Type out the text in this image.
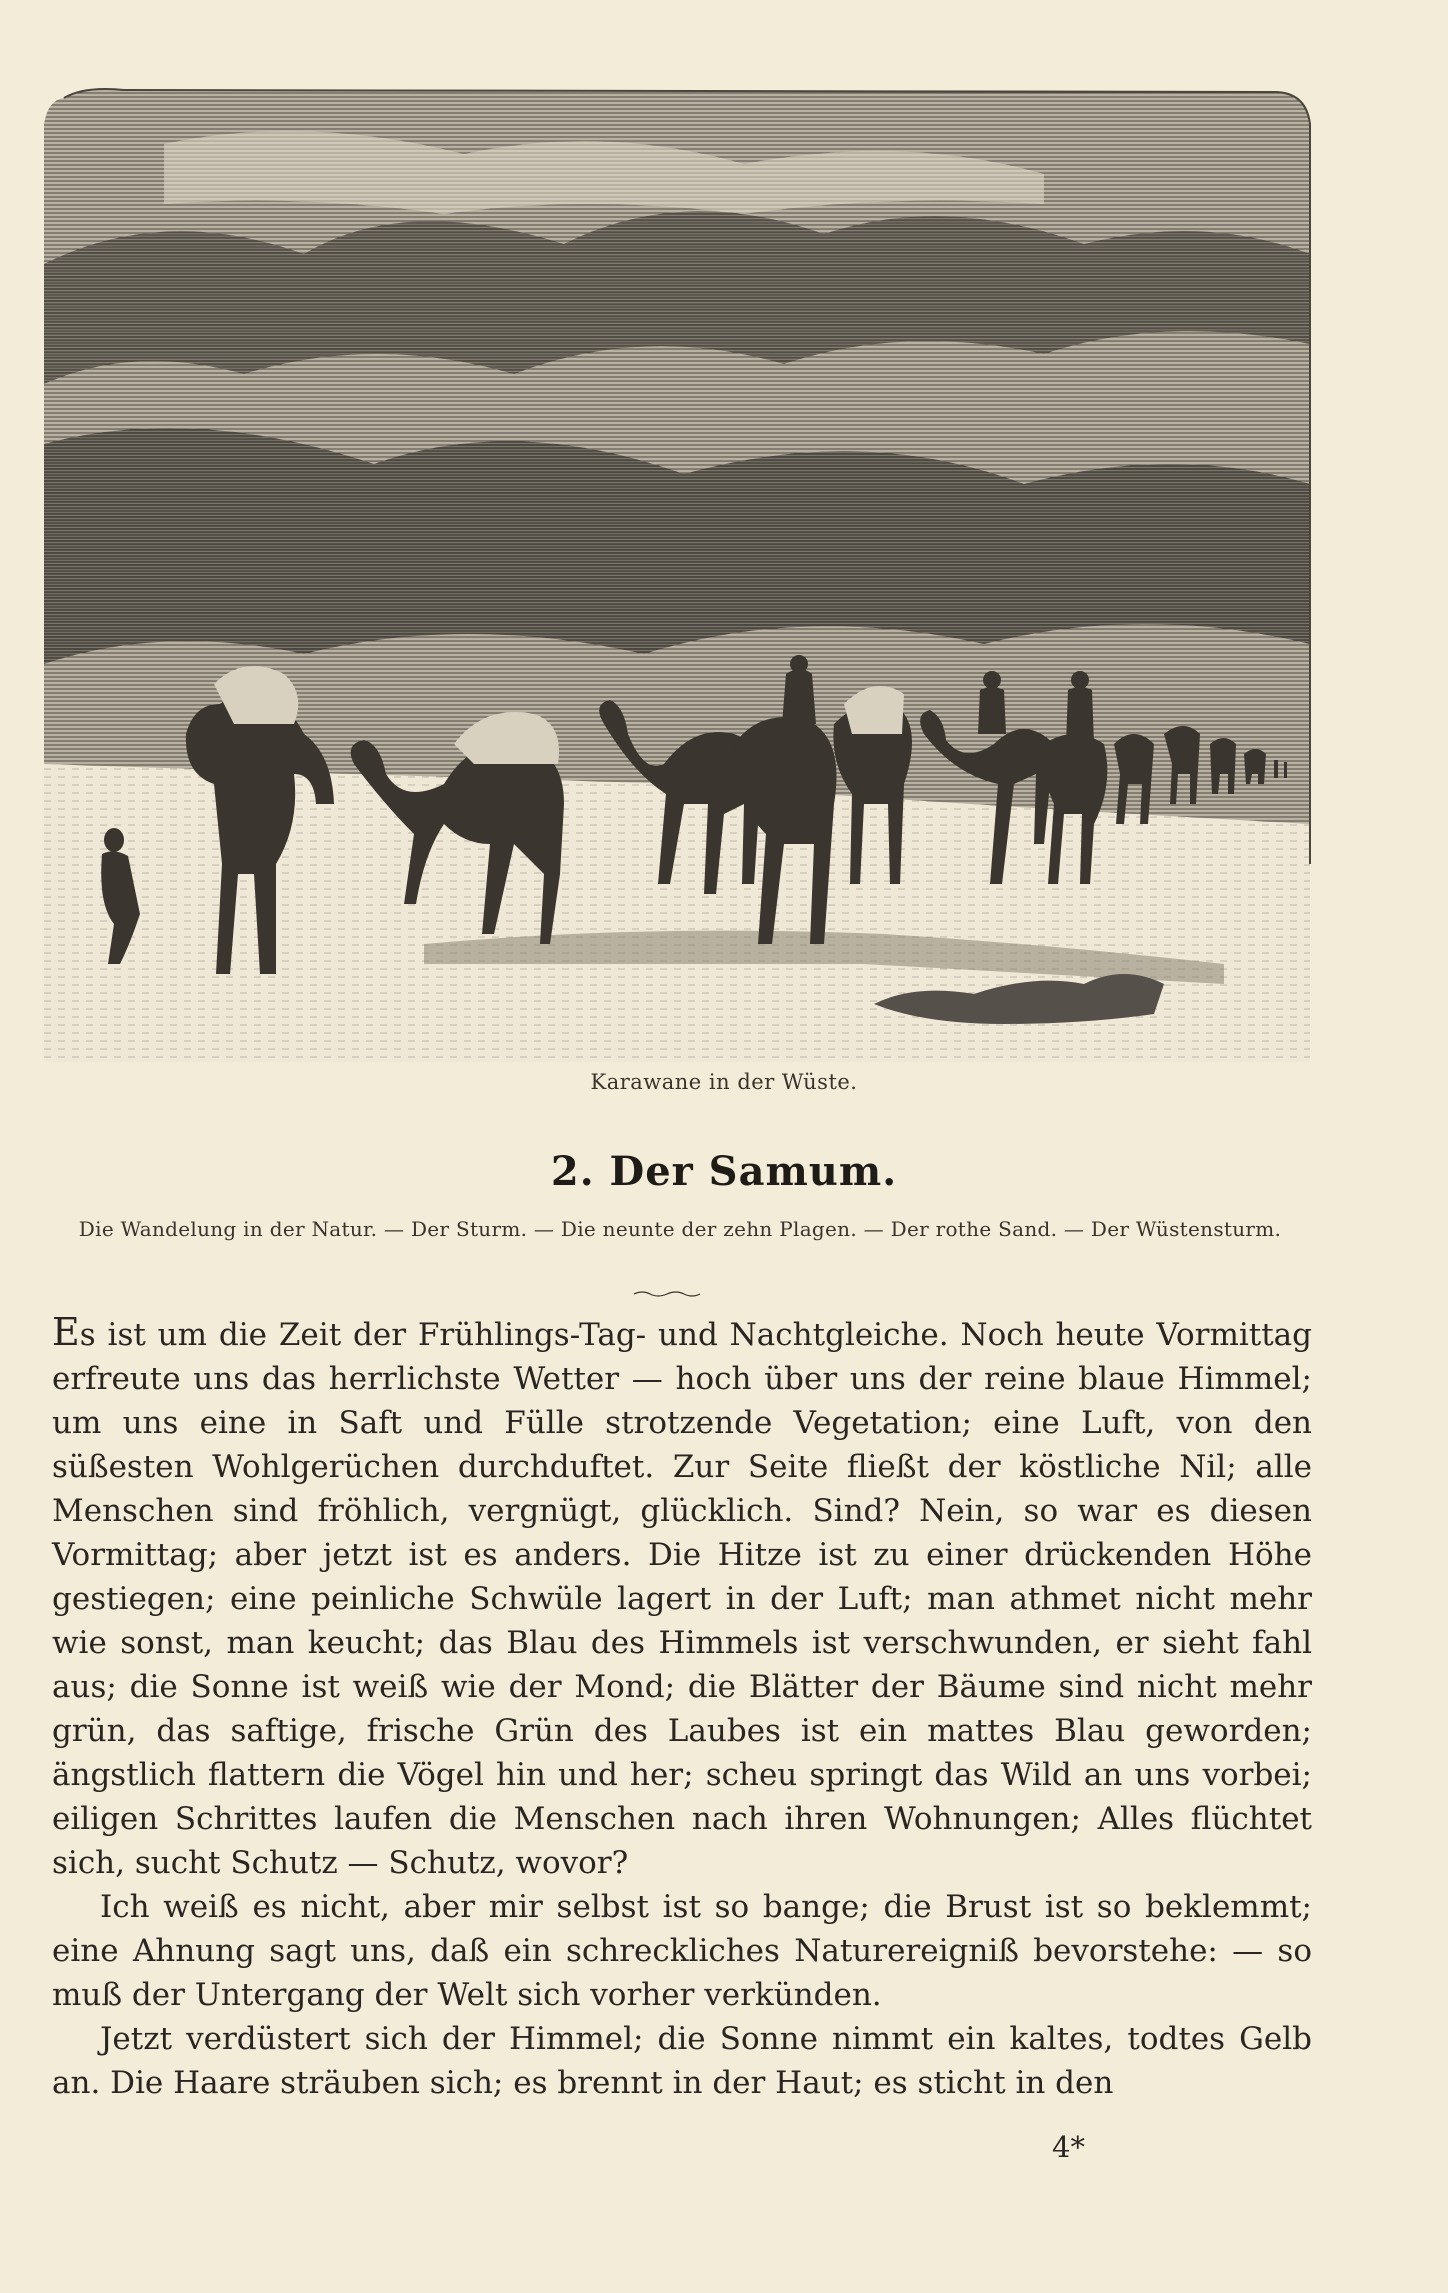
Karawane in der Wüste.
2. Der Samum.
Die Wandelung in der Natur. — Der Sturm. — Die neunte der zehn Plagen. — Der rothe Sand. — Der Wüstensturm.

Es ist um die Zeit der Frühlings-Tag- und Nachtgleiche. Noch heute Vormittag erfreute uns das herrlichste Wetter — hoch über uns der reine blaue Himmel; um uns eine in Saft und Fülle strotzende Vegetation; eine Luft, von den süßesten Wohlgerüchen durchduftet. Zur Seite fließt der köstliche Nil; alle Menschen sind fröhlich, vergnügt, glücklich. Sind? Nein, so war es diesen Vormittag; aber jetzt ist es anders. Die Hitze ist zu einer drückenden Höhe gestiegen; eine peinliche Schwüle lagert in der Luft; man athmet nicht mehr wie sonst, man keucht; das Blau des Himmels ist verschwunden, er sieht fahl aus; die Sonne ist weiß wie der Mond; die Blätter der Bäume sind nicht mehr grün, das saftige, frische Grün des Laubes ist ein mattes Blau geworden; ängstlich flattern die Vögel hin und her; scheu springt das Wild an uns vorbei; eiligen Schrittes laufen die Menschen nach ihren Wohnungen; Alles flüchtet sich, sucht Schutz — Schutz, wovor?

Ich weiß es nicht, aber mir selbst ist so bange; die Brust ist so beklemmt; eine Ahnung sagt uns, daß ein schreckliches Naturereigniß bevorstehe: — so muß der Untergang der Welt sich vorher verkünden.

Jetzt verdüstert sich der Himmel; die Sonne nimmt ein kaltes, todtes Gelb an. Die Haare sträuben sich; es brennt in der Haut; es sticht in den

4*
